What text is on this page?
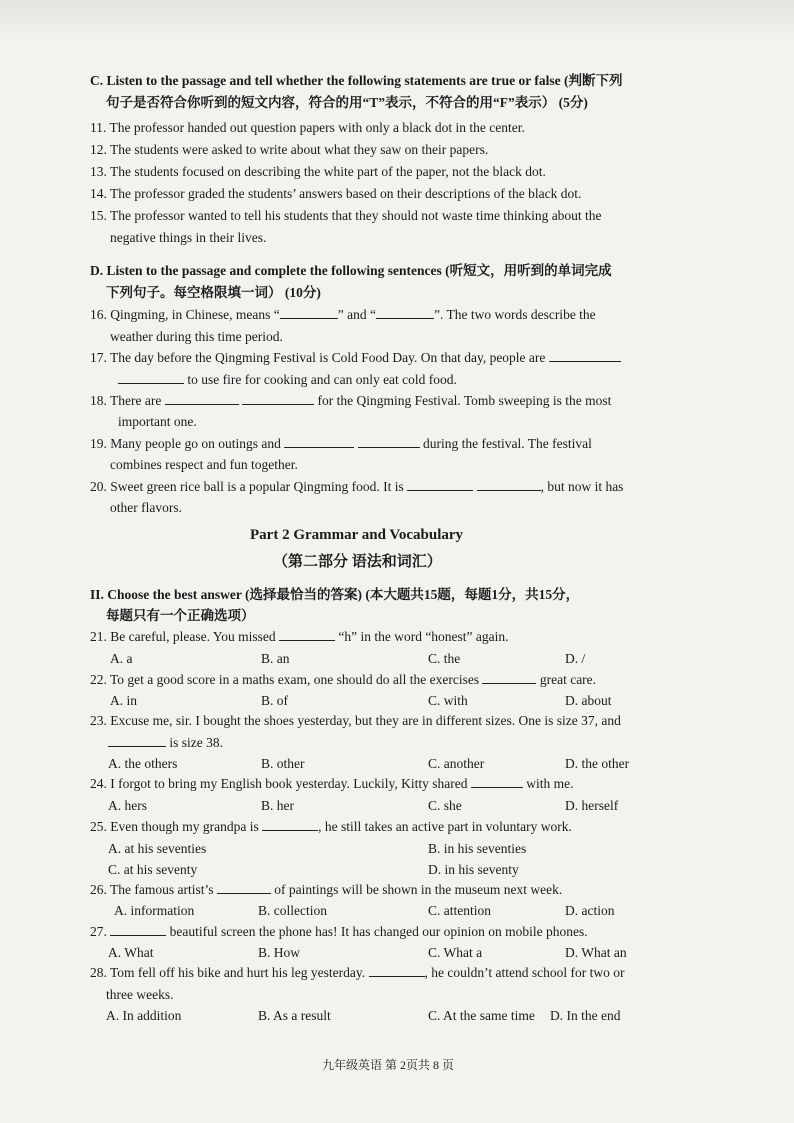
C. Listen to the passage and tell whether the following statements are true or false (判断下列
句子是否符合你听到的短文内容，符合的用“T”表示，不符合的用“F”表示） (5分)
11. The professor handed out question papers with only a black dot in the center.
12. The students were asked to write about what they saw on their papers.
13. The students focused on describing the white part of the paper, not the black dot.
14. The professor graded the students’ answers based on their descriptions of the black dot.
15. The professor wanted to tell his students that they should not waste time thinking about the
negative things in their lives.
D. Listen to the passage and complete the following sentences (听短文，用听到的单词完成
下列句子。每空格限填一词） (10分)
16. Qingming, in Chinese, means “	” and “	”. The two words describe the
weather during this time period.
17. The day before the Qingming Festival is Cold Food Day. On that day, people are
to use fire for cooking and can only eat cold food.
18. There are	for the Qingming Festival. Tomb sweeping is the most
important one.
19. Many people go on outings and	during the festival. The festival
combines respect and fun together.
20. Sweet green rice ball is a popular Qingming food. It is	, but now it has
other flavors.
Part 2 Grammar and Vocabulary
（第二部分 语法和词汇）
II. Choose the best answer (选择最恰当的答案) (本大题共15题，每题1分，共15分，
每题只有一个正确选项）
21. Be careful, please. You missed	“h” in the word “honest” again.
A. a	B. an	C. the	D. /
22. To get a good score in a maths exam, one should do all the exercises	great care.
A. in	B. of	C. with	D. about
23. Excuse me, sir. I bought the shoes yesterday, but they are in different sizes. One is size 37, and
is size 38.
A. the others	B. other	C. another	D. the other
24. I forgot to bring my English book yesterday. Luckily, Kitty shared	with me.
A. hers	B. her	C. she	D. herself
25. Even though my grandpa is	, he still takes an active part in voluntary work.
A. at his seventies	B. in his seventies
C. at his seventy	D. in his seventy
26. The famous artist’s	of paintings will be shown in the museum next week.
A. information	B. collection	C. attention	D. action
27.	beautiful screen the phone has! It has changed our opinion on mobile phones.
A. What	B. How	C. What a	D. What an
28. Tom fell off his bike and hurt his leg yesterday.	, he couldn’t attend school for two or
three weeks.
A. In addition	B. As a result	C. At the same time D. In the end
九年级英语 第 2页共 8 页
